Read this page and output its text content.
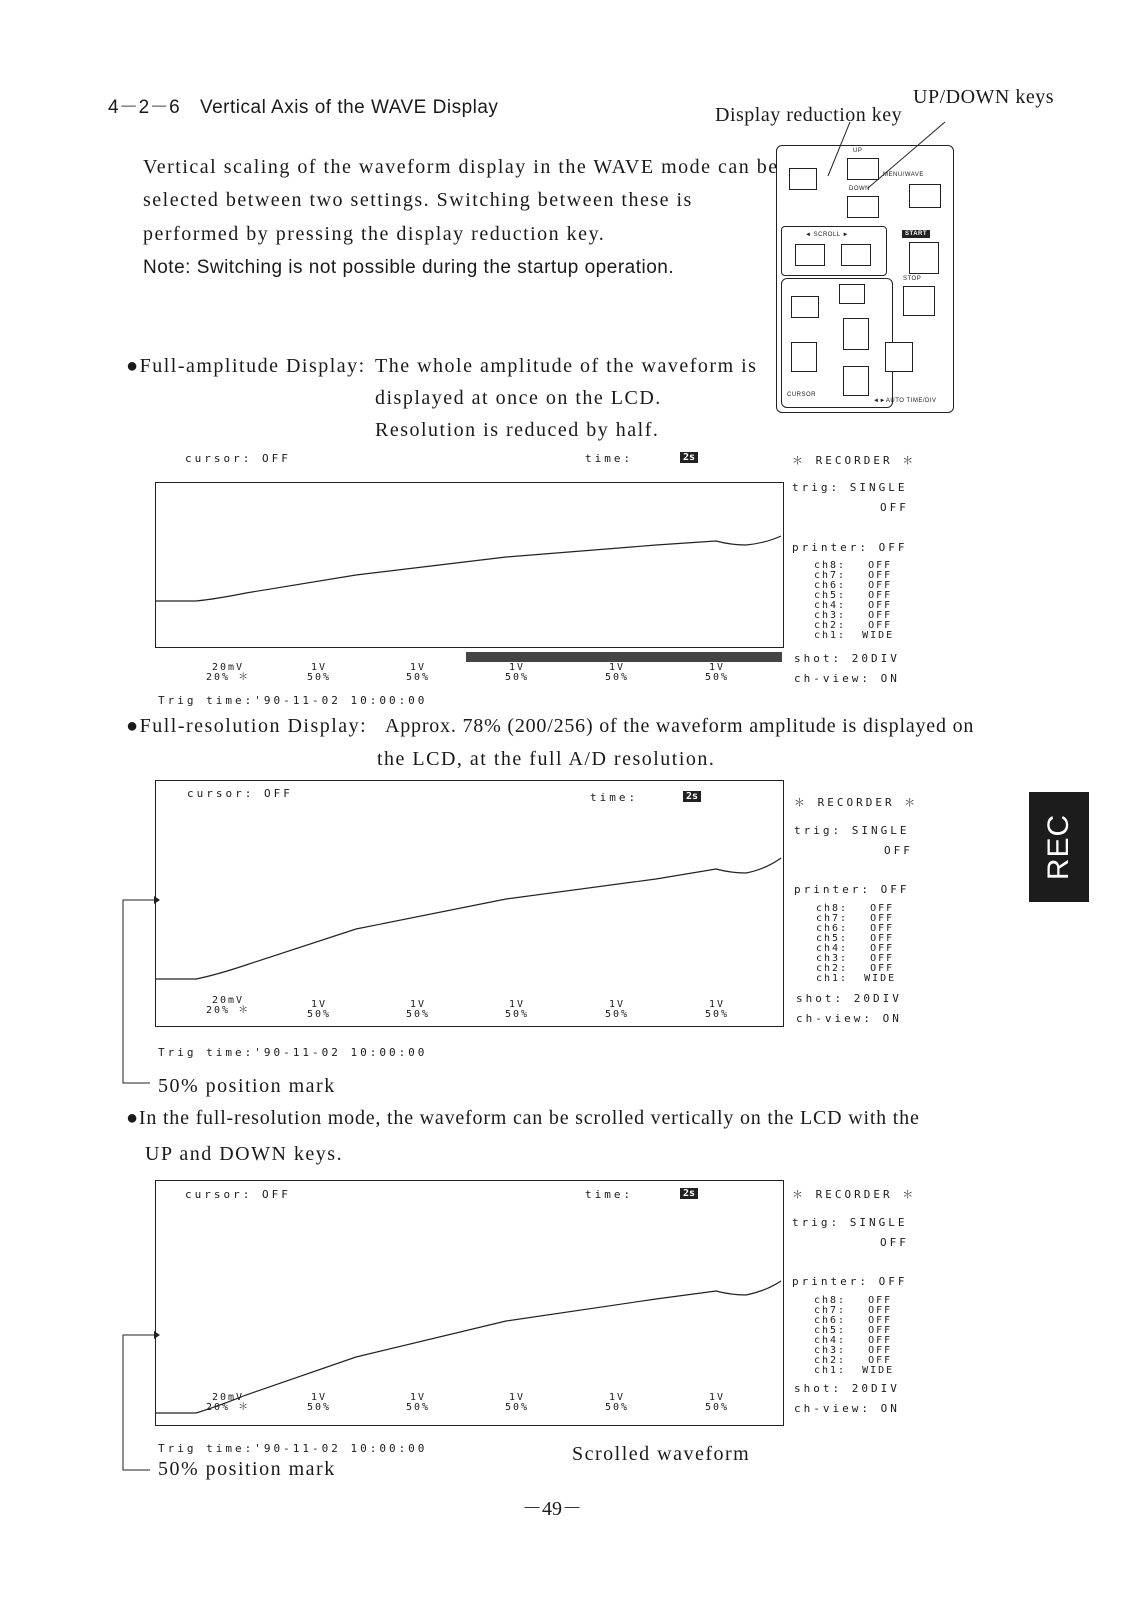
4－2－6 Vertical Axis of the WAVE Display
Vertical scaling of the waveform display in the WAVE mode can be
selected between two settings. Switching between these is
performed by pressing the display reduction key.
Note: Switching is not possible during the startup operation.
UP/DOWN keys
Display reduction key
UP
DOWN
MENU/WAVE
◄ SCROLL ►	START
STOP
CURSOR
◄►AUTO TIME/DIV
●Full-amplitude Display: The whole amplitude of the waveform is
displayed at once on the LCD.
Resolution is reduced by half.
cursor: OFF	time:	2s	＊ RECORDER ＊
trig: SINGLE
OFF
printer: OFF
ch8: OFF
ch7: OFF
ch6: OFF
ch5: OFF
ch4: OFF
ch3: OFF
ch2: OFF
ch1: WIDE
shot: 20DIV
ch-view: ON
20mV
20% ＊
1V
50%
1V
50%
1V
50%
1V
50%
1V
50%
Trig time:'90-11-02 10:00:00
●Full-resolution Display: Approx. 78% (200/256) of the waveform amplitude is displayed on
the LCD, at the full A/D resolution.
cursor: OFF	time:	2s
20mV
20% ＊
1V
50%
1V
50%
1V
50%
1V
50%
1V
50%
＊ RECORDER ＊
trig: SINGLE
OFF
printer: OFF
ch8: OFF
ch7: OFF
ch6: OFF
ch5: OFF
ch4: OFF
ch3: OFF
ch2: OFF
ch1: WIDE
shot: 20DIV
ch-view: ON
Trig time:'90-11-02 10:00:00
50% position mark
●In the full-resolution mode, the waveform can be scrolled vertically on the LCD with the
UP and DOWN keys.
cursor: OFF	time:	2s
20mV
20% ＊
1V
50%
1V
50%
1V
50%
1V
50%
1V
50%
＊ RECORDER ＊
trig: SINGLE
OFF
printer: OFF
ch8: OFF
ch7: OFF
ch6: OFF
ch5: OFF
ch4: OFF
ch3: OFF
ch2: OFF
ch1: WIDE
shot: 20DIV
ch-view: ON
Trig time:'90-11-02 10:00:00
50% position mark
Scrolled waveform
REC
－49－
